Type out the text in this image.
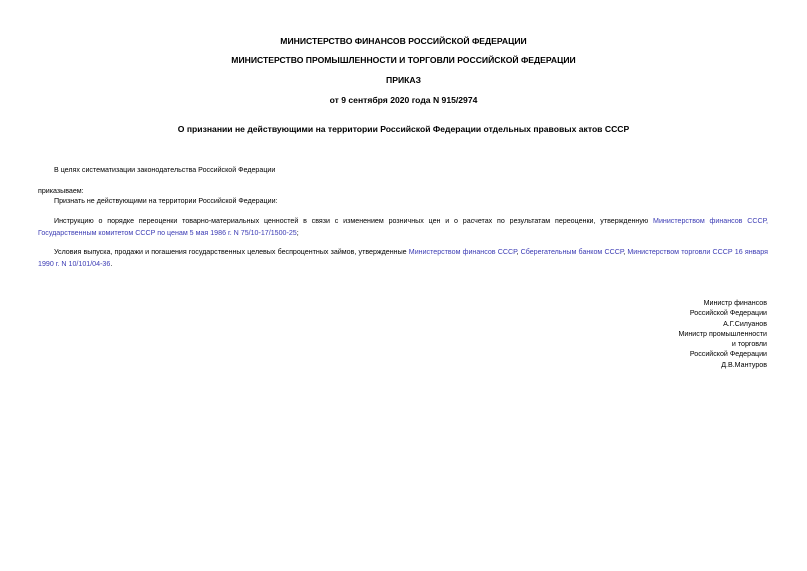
МИНИСТЕРСТВО ФИНАНСОВ РОССИЙСКОЙ ФЕДЕРАЦИИ
МИНИСТЕРСТВО ПРОМЫШЛЕННОСТИ И ТОРГОВЛИ РОССИЙСКОЙ ФЕДЕРАЦИИ
ПРИКАЗ
от 9 сентября 2020 года N 915/2974
О признании не действующими на территории Российской Федерации отдельных правовых актов СССР
В целях систематизации законодательства Российской Федерации
приказываем:
Признать не действующими на территории Российской Федерации:
Инструкцию о порядке переоценки товарно-материальных ценностей в связи с изменением розничных цен и о расчетах по результатам переоценки, утвержденную Министерством финансов СССР, Государственным комитетом СССР по ценам 5 мая 1986 г. N 75/10-17/1500-25;
Условия выпуска, продажи и погашения государственных целевых беспроцентных займов, утвержденные Министерством финансов СССР, Сберегательным банком СССР, Министерством торговли СССР 16 января 1990 г. N 10/101/04-36.
Министр финансов
Российской Федерации
А.Г.Силуанов
Министр промышленности
и торговли
Российской Федерации
Д.В.Мантуров
